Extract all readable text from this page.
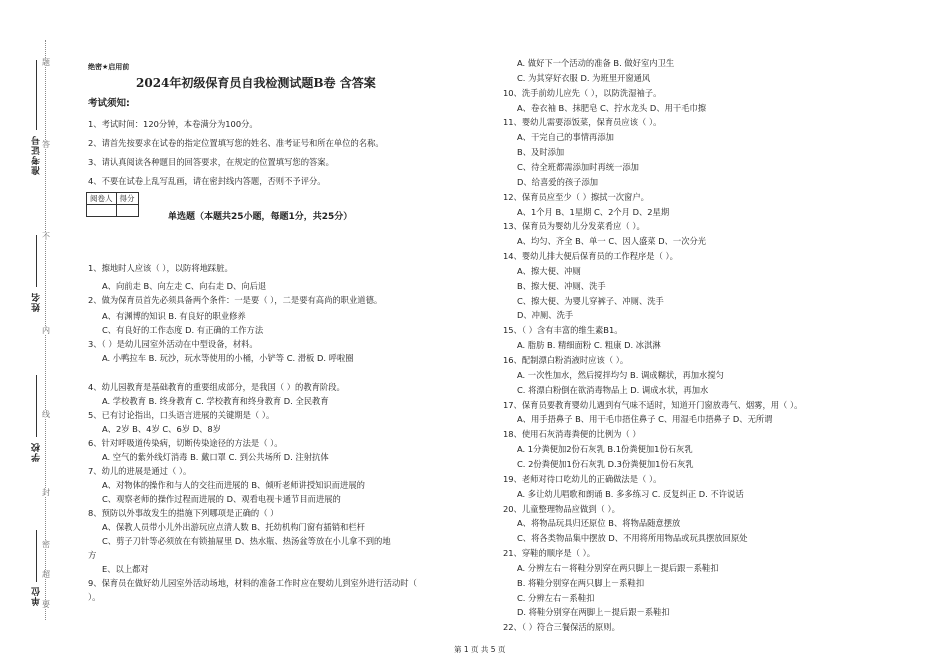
准考证号
姓名
学校
单位
题
答
不
内
线
封
密
超
要
绝密★启用前
2024年初级保育员自我检测试题B卷 含答案
考试须知:
1、考试时间：120分钟，本卷满分为100分。
2、请首先按要求在试卷的指定位置填写您的姓名、准考证号和所在单位的名称。
3、请认真阅读各种题目的回答要求，在规定的位置填写您的答案。
4、不要在试卷上乱写乱画，请在密封线内答题，否则不予评分。
阅卷人	得分

单选题（本题共25小题，每题1分，共25分）
1、擦地时人应该（ ），以防将地踩脏。
A、向前走 B、向左走 C、向右走 D、向后退
2、做为保育员首先必须具备两个条件：一是要（ ），二是要有高尚的职业道德。
A、有渊博的知识 B. 有良好的职业修养
C、有良好的工作态度 D. 有正确的工作方法
3、（ ）是幼儿园室外活动在中型设备，材料。
A. 小鸭拉车 B. 玩沙，玩水等使用的小桶，小铲等 C. 滑板 D. 呼啦圈
4、幼儿园教育是基础教育的重要组成部分，是我国（ ）的教育阶段。
A. 学校教育 B. 终身教育 C. 学校教育和终身教育 D. 全民教育
5、已有讨论指出，口头语言进展的关键期是（ ）。
A、2岁 B、4岁 C、6岁 D、8岁
6、针对呼吸道传染病，切断传染途径的方法是（ ）。
A. 空气的紫外线灯消毒 B. 戴口罩 C. 到公共场所 D. 注射抗体
7、幼儿的进展是通过（ ）。
A、对物体的操作和与人的交往而进展的 B、倾听老师讲授知识而进展的
C、观察老师的操作过程而进展的 D、观看电视卡通节目而进展的
8、预防以外事故发生的措施下列哪项是正确的（ ）
A、保教人员带小儿外出游玩应点清人数 B、托幼机构门窗有插销和栏杆
C、剪子刀针等必须放在有锁抽屉里 D、热水瓶、热汤盆等放在小儿拿不到的地
方
E、以上都对
9、保育员在做好幼儿园室外活动场地，材料的准备工作时应在婴幼儿到室外进行活动时（
）。
A. 做好下一个活动的准备 B. 做好室内卫生
C. 为其穿好衣服 D. 为班里开窗通风
10、洗手前幼儿应先（ ），以防洗湿袖子。
A、卷衣袖 B、抹肥皂 C、拧水龙头 D、用干毛巾擦
11、婴幼儿需要添饭菜，保育员应该（ ）。
A、干完自己的事情再添加
B、及时添加
C、待全班都需添加时再统一添加
D、给喜爱的孩子添加
12、保育员应至少（ ）擦拭一次窗户。
A、1个月 B、1星期 C、2个月 D、2星期
13、保育员为婴幼儿分发菜肴应（ ）。
A、均匀、齐全 B、单一 C、因人盛菜 D、一次分光
14、婴幼儿排大便后保育员的工作程序是（ ）。
A、擦大便、冲厕
B、擦大便、冲厕、洗手
C、擦大便、为婴儿穿裤子、冲厕、洗手
D、冲厕、洗手
15、（ ）含有丰富的维生素B1。
A. 脂肪 B. 精细面粉 C. 粗康 D. 冰淇淋
16、配制漂白粉消液时应该（ ）。
A. 一次性加水，然后搅拌均匀 B. 调成糊状，再加水搅匀
C. 将漂白粉倒在欲消毒物品上 D. 调成水状，再加水
17、保育员要教育婴幼儿遇到有气味不适时，知道开门窗放毒气、烟雾，用（ ）。
A、用手捂鼻子 B、用干毛巾捂住鼻子 C、用湿毛巾捂鼻子 D、无所谓
18、使用石灰消毒粪便的比例为（ ）
A. 1分粪便加2份石灰乳 B.1份粪便加1份石灰乳
C. 2份粪便加1份石灰乳 D.3份粪便加1份石灰乳
19、老师对待口吃幼儿的正确做法是（ ）。
A. 多让幼儿唱歌和朗诵 B. 多多练习 C. 反复纠正 D. 不许说话
20、儿童整理物品应做到（ ）。
A、将物品玩具归还原位 B、将物品随意摆放
C、将各类物品集中摆放 D、不用将所用物品或玩具摆放回原处
21、穿鞋的顺序是（ ）。
A. 分辨左右－将鞋分别穿在两只脚上－提后跟－系鞋扣
B. 将鞋分别穿在两只脚上－系鞋扣
C. 分辨左右－系鞋扣
D. 将鞋分别穿在两脚上－提后跟－系鞋扣
22、（ ）符合三餐保活的原则。
第 1 页 共 5 页
